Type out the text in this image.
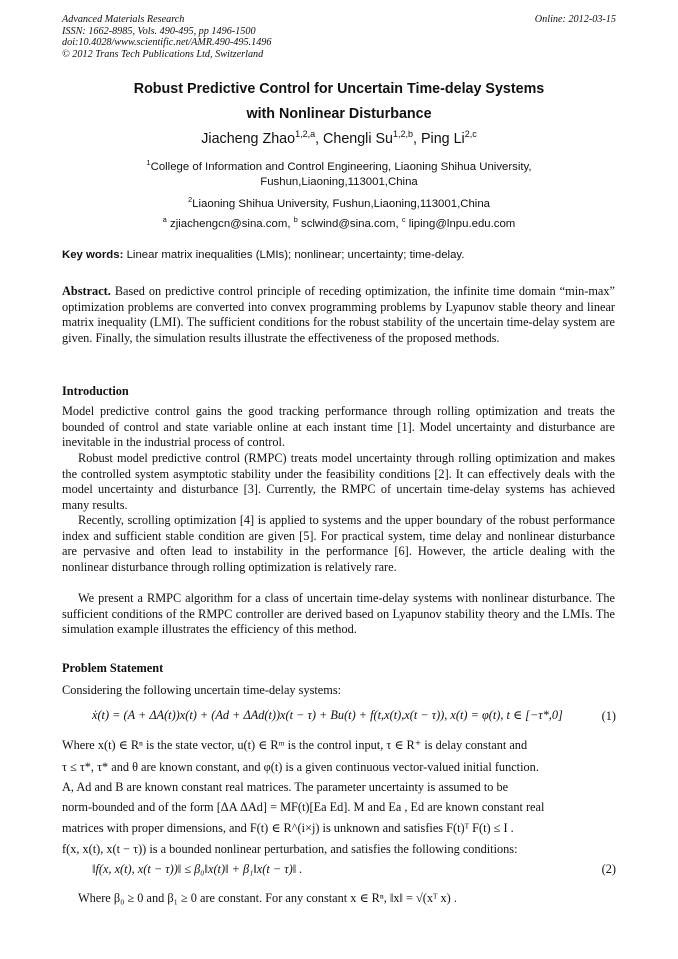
Advanced Materials Research
ISSN: 1662-8985, Vols. 490-495, pp 1496-1500
doi:10.4028/www.scientific.net/AMR.490-495.1496
© 2012 Trans Tech Publications Ltd, Switzerland
Online: 2012-03-15
Robust Predictive Control for Uncertain Time-delay Systems
with Nonlinear Disturbance
Jiacheng Zhao$^{1,2,a}$, Chengli Su$^{1,2,b}$, Ping Li$^{2,c}$
$^1$College of Information and Control Engineering, Liaoning Shihua University,
Fushun,Liaoning,113001,China
$^2$Liaoning Shihua University, Fushun,Liaoning,113001,China
$^a$ zjiachengcn@sina.com, $^b$ sclwind@sina.com, $^c$ liping@lnpu.edu.com
Key words: Linear matrix inequalities (LMIs); nonlinear; uncertainty; time-delay.

Abstract. Based on predictive control principle of receding optimization, the infinite time domain “min-max” optimization problems are converted into convex programming problems by Lyapunov stable theory and linear matrix inequality (LMI). The sufficient conditions for the robust stability of the uncertain time-delay system are given. Finally, the simulation results illustrate the effectiveness of the proposed methods.

Introduction

Model predictive control gains the good tracking performance through rolling optimization and treats the bounded of control and state variable online at each instant time [1]. Model uncertainty and disturbance are inevitable in the industrial process of control.

Robust model predictive control (RMPC) treats model uncertainty through rolling optimization and makes the controlled system asymptotic stability under the feasibility conditions [2]. It can effectively deals with the model uncertainty and disturbance [3]. Currently, the RMPC of uncertain time-delay systems has achieved many results.

Recently, scrolling optimization [4] is applied to systems and the upper boundary of the robust performance index and sufficient stable condition are given [5]. For practical system, time delay and nonlinear disturbance are pervasive and often lead to instability in the performance [6]. However, the article dealing with the nonlinear disturbance through rolling optimization is relatively rare.

We present a RMPC algorithm for a class of uncertain time-delay systems with nonlinear disturbance. The sufficient conditions of the RMPC controller are derived based on Lyapunov stability theory and the LMIs. The simulation example illustrates the efficiency of this method.

Problem Statement
Considering the following uncertain time-delay systems:
ẋ(t) = (A + ΔA(t))x(t) + (Ad + ΔAd(t))x(t − τ) + Bu(t) + f(t,x(t),x(t − τ)), x(t) = φ(t), t ∈ [−τ*,0]	(1)
Where x(t) ∈ Rⁿ is the state vector, u(t) ∈ Rᵐ is the control input, τ ∈ R⁺ is delay constant and
τ ≤ τ*, τ* and θ are known constant, and φ(t) is a given continuous vector-valued initial function.
A, Ad and B are known constant real matrices. The parameter uncertainty is assumed to be
norm-bounded and of the form [ΔA ΔAd] = MF(t)[Ea Ed]. M and Ea , Ed are known constant real
matrices with proper dimensions, and F(t) ∈ R^(i×j) is unknown and satisfies F(t)ᵀ F(t) ≤ I .
f(x, x(t), x(t − τ)) is a bounded nonlinear perturbation, and satisfies the following conditions:
‖f(x, x(t), x(t − τ))‖ ≤ β₀‖x(t)‖ + β₁‖x(t − τ)‖ .	(2)
Where β₀ ≥ 0 and β₁ ≥ 0 are constant. For any constant x ∈ Rⁿ, ‖x‖ = √(xᵀ x) .
